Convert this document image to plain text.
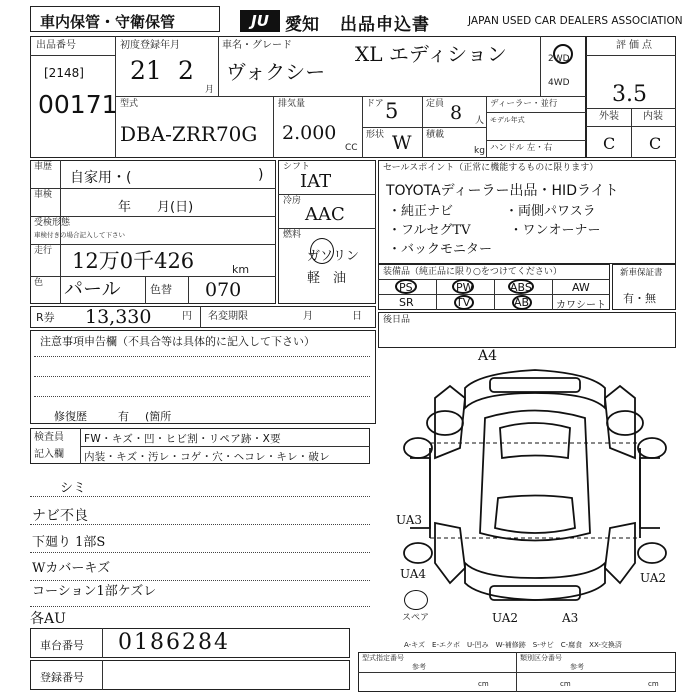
車内保管・守衛保管	JU 愛知 出品申込書	JAPAN USED CAR DEALERS ASSOCIATION
出品番号
[2148]
00171
初度登録年月
21 2
月
車名・グレード
ヴォクシー
XL エディション	2WD
4WD
評価点
3.5
外装 内装
C C
型式
DBA-ZRR70G
排気量
2.000
CC
ドア 5	定員 8 人
形状 W 積載
kg
ディーラー・並行
モデル年式
ハンドル 左・右
車歴
自家用・(	)
車検
年　　月(日)
受検形態
車検付きの場合記入して下さい
走行 12万0千426	km
色 パール	色替 070
シフト
IAT
冷房
AAC
燃料
ガソリン
軽　油
セールスポイント（正常に機能するものに限ります）
TOYOTAディーラー出品・HIDライト
・純正ナビ　　　　・両側パワスラ
・フルセグTV　　　・ワンオーナー
・バックモニター
装備品（純正品に限り○をつけてください）
PS	PW	ABS	AW
SR	TV	AB	カワシート
新車保証書
有・無
R券 13,330	円 名変期限	月	日
注意事項申告欄（不具合等は具体的に記入して下さい）
修復歴	有 (箇所
後日品
検査員
記入欄
FW・キズ・凹・ヒビ割・リペア跡・X要
内装・キズ・汚レ・コゲ・穴・ヘコレ・キレ・破レ
シミ
ナビ不良
下廻り 1部S
Wカバーキズ
コーション1部ケズレ
各AU
A4
UA3
UA4	UA2
UA2	A3
スペア
A-キズ　E-エクボ　U-凹み　W-補修跡　S-サビ　C-腐食　XX-交換済
車台番号 0186284
登録番号
型式指定番号	類別区分番号
参考	参考
cm	cm	cm
